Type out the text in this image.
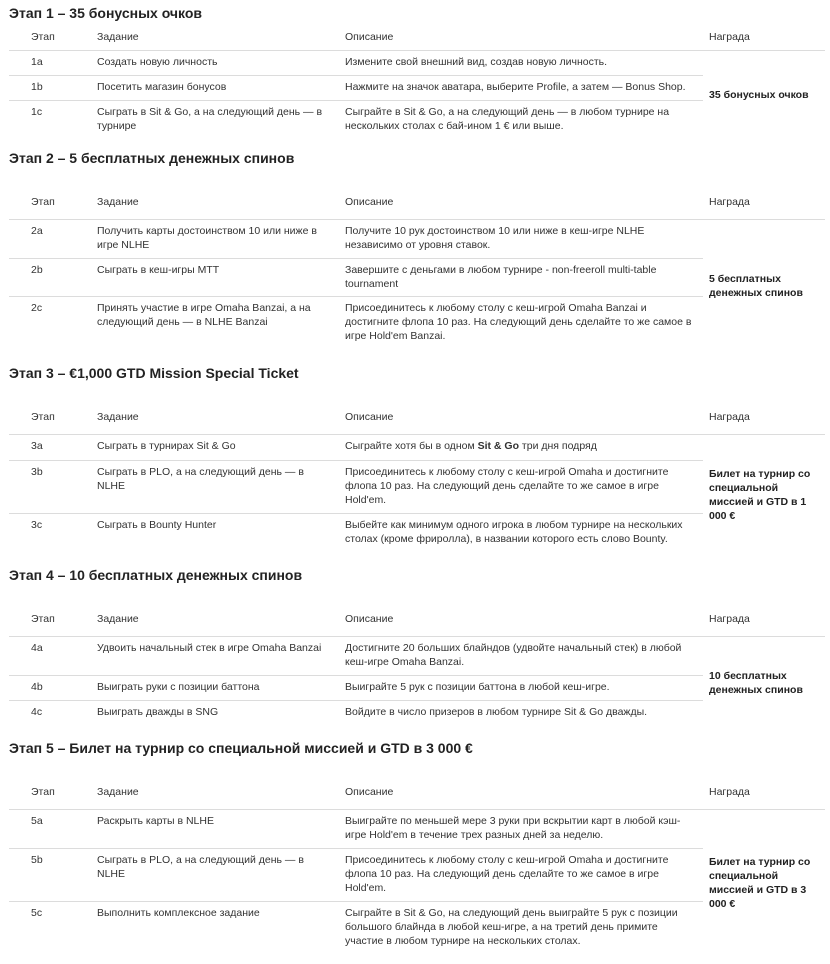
Этап 1 – 35 бонусных очков
Этап	Задание	Описание	Награда
1a	Создать новую личность	Измените свой внешний вид, создав новую личность.	35 бонусных очков
1b	Посетить магазин бонусов	Нажмите на значок аватара, выберите Profile, а затем — Bonus Shop.	
1c	Сыграть в Sit & Go, а на следующий день — в турнире	Сыграйте в Sit & Go, а на следующий день — в любом турнире на нескольких столах с бай-ином 1 € или выше.	
Этап 2 – 5 бесплатных денежных спинов
Этап	Задание	Описание	Награда
2a	Получить карты достоинством 10 или ниже в игре NLHE	Получите 10 рук достоинством 10 или ниже в кеш-игре NLHE независимо от уровня ставок.	5 бесплатных денежных спинов
2b	Сыграть в кеш-игры MTT	Завершите с деньгами в любом турнире - non-freeroll multi-table tournament	
2c	Принять участие в игре Omaha Banzai, а на следующий день — в NLHE Banzai	Присоединитесь к любому столу с кеш-игрой Omaha Banzai и достигните флопа 10 раз. На следующий день сделайте то же самое в игре Hold'em Banzai.	
Этап 3 – €1,000 GTD Mission Special Ticket
Этап	Задание	Описание	Награда
3a	Сыграть в турнирах Sit & Go	Сыграйте хотя бы в одном Sit & Go три дня подряд	Билет на турнир со специальной миссией и GTD в 1 000 €
3b	Сыграть в PLO, а на следующий день — в NLHE	Присоединитесь к любому столу с кеш-игрой Omaha и достигните флопа 10 раз. На следующий день сделайте то же самое в игре Hold'em.	
3c	Сыграть в Bounty Hunter	Выбейте как минимум одного игрока в любом турнире на нескольких столах (кроме фриролла), в названии которого есть слово Bounty.	
Этап 4 – 10 бесплатных денежных спинов
Этап	Задание	Описание	Награда
4a	Удвоить начальный стек в игре Omaha Banzai	Достигните 20 больших блайндов (удвойте начальный стек) в любой кеш-игре Omaha Banzai.	10 бесплатных денежных спинов
4b	Выиграть руки с позиции баттона	Выиграйте 5 рук с позиции баттона в любой кеш-игре.	
4c	Выиграть дважды в SNG	Войдите в число призеров в любом турнире Sit & Go дважды.	
Этап 5 – Билет на турнир со специальной миссией и GTD в 3 000 €
Этап	Задание	Описание	Награда
5a	Раскрыть карты в NLHE	Выиграйте по меньшей мере 3 руки при вскрытии карт в любой кэш-игре Hold'em в течение трех разных дней за неделю.	Билет на турнир со специальной миссией и GTD в 3 000 €
5b	Сыграть в PLO, а на следующий день — в NLHE	Присоединитесь к любому столу с кеш-игрой Omaha и достигните флопа 10 раз. На следующий день сделайте то же самое в игре Hold'em.	
5c	Выполнить комплексное задание	Сыграйте в Sit & Go, на следующий день выиграйте 5 рук с позиции большого блайнда в любой кеш-игре, а на третий день примите участие в любом турнире на нескольких столах.	
